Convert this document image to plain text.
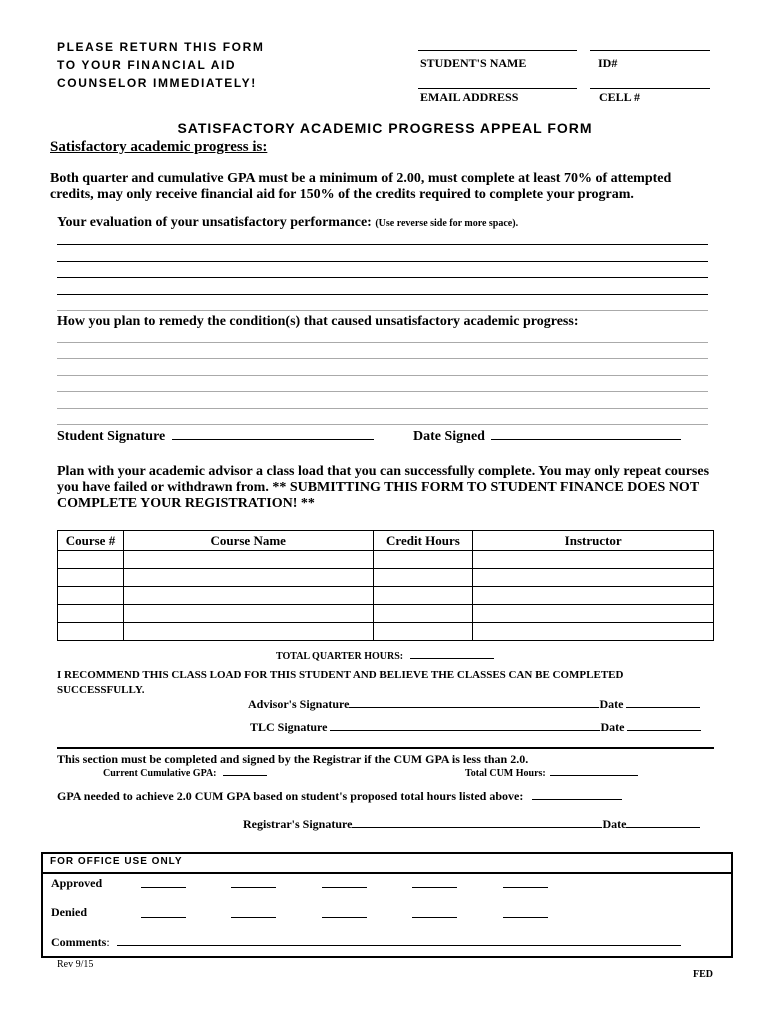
PLEASE RETURN THIS FORM
TO YOUR FINANCIAL AID
COUNSELOR IMMEDIATELY!
STUDENT'S NAME	ID#
EMAIL ADDRESS	CELL #
SATISFACTORY ACADEMIC PROGRESS APPEAL FORM
Satisfactory academic progress is:
Both quarter and cumulative GPA must be a minimum of 2.00, must complete at least 70% of attempted credits, may only receive financial aid for 150% of the credits required to complete your program.
Your evaluation of your unsatisfactory performance: (Use reverse side for more space).
How you plan to remedy the condition(s) that caused unsatisfactory academic progress:
Student Signature	Date Signed
Plan with your academic advisor a class load that you can successfully complete. You may only repeat courses you have failed or withdrawn from. ** SUBMITTING THIS FORM TO STUDENT FINANCE DOES NOT COMPLETE YOUR REGISTRATION! **
Course #	Course Name	Credit Hours	Instructor

TOTAL QUARTER HOURS:
I RECOMMEND THIS CLASS LOAD FOR THIS STUDENT AND BELIEVE THE CLASSES CAN BE COMPLETED SUCCESSFULLY.
Advisor's Signature	Date
TLC Signature	Date
This section must be completed and signed by the Registrar if the CUM GPA is less than 2.0.
Current Cumulative GPA:	Total CUM Hours:
GPA needed to achieve 2.0 CUM GPA based on student's proposed total hours listed above:
Registrar's Signature	Date
FOR OFFICE USE ONLY
Approved
Denied
Comments:
Rev 9/15
FED
